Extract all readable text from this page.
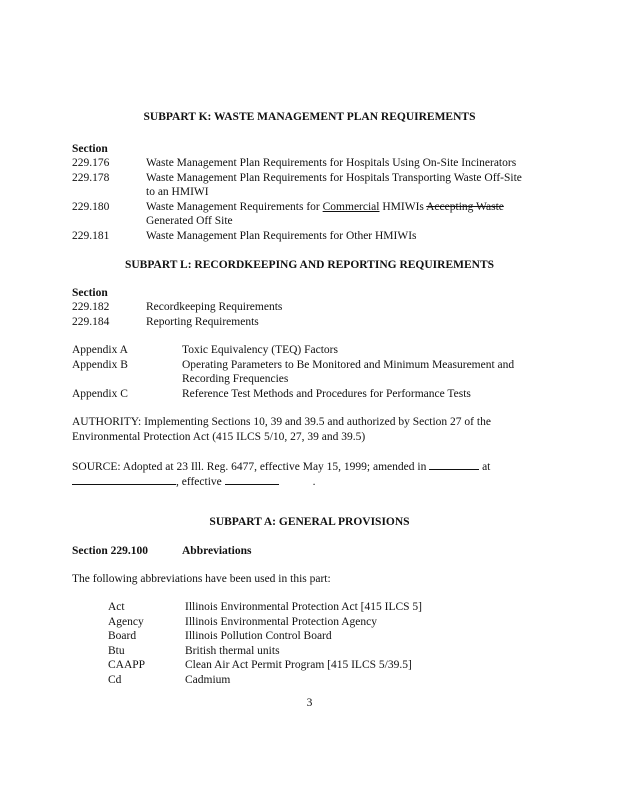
SUBPART K: WASTE MANAGEMENT PLAN REQUIREMENTS
Section
229.176	Waste Management Plan Requirements for Hospitals Using On-Site Incinerators
229.178	Waste Management Plan Requirements for Hospitals Transporting Waste Off-Site
to an HMIWI
229.180	Waste Management Requirements for Commercial HMIWIs Accepting Waste
Generated Off Site
229.181	Waste Management Plan Requirements for Other HMIWIs
SUBPART L: RECORDKEEPING AND REPORTING REQUIREMENTS
Section
229.182	Recordkeeping Requirements
229.184	Reporting Requirements
Appendix A	Toxic Equivalency (TEQ) Factors
Appendix B	Operating Parameters to Be Monitored and Minimum Measurement and
Recording Frequencies
Appendix C	Reference Test Methods and Procedures for Performance Tests
AUTHORITY: Implementing Sections 10, 39 and 39.5 and authorized by Section 27 of the
Environmental Protection Act (415 ILCS 5/10, 27, 39 and 39.5)
SOURCE: Adopted at 23 Ill. Reg. 6477, effective May 15, 1999; amended in	at
, effective	.
SUBPART A: GENERAL PROVISIONS
Section 229.100	Abbreviations
The following abbreviations have been used in this part:
Act	Illinois Environmental Protection Act [415 ILCS 5]
Agency	Illinois Environmental Protection Agency
Board	Illinois Pollution Control Board
Btu	British thermal units
CAAPP	Clean Air Act Permit Program [415 ILCS 5/39.5]
Cd	Cadmium
3
